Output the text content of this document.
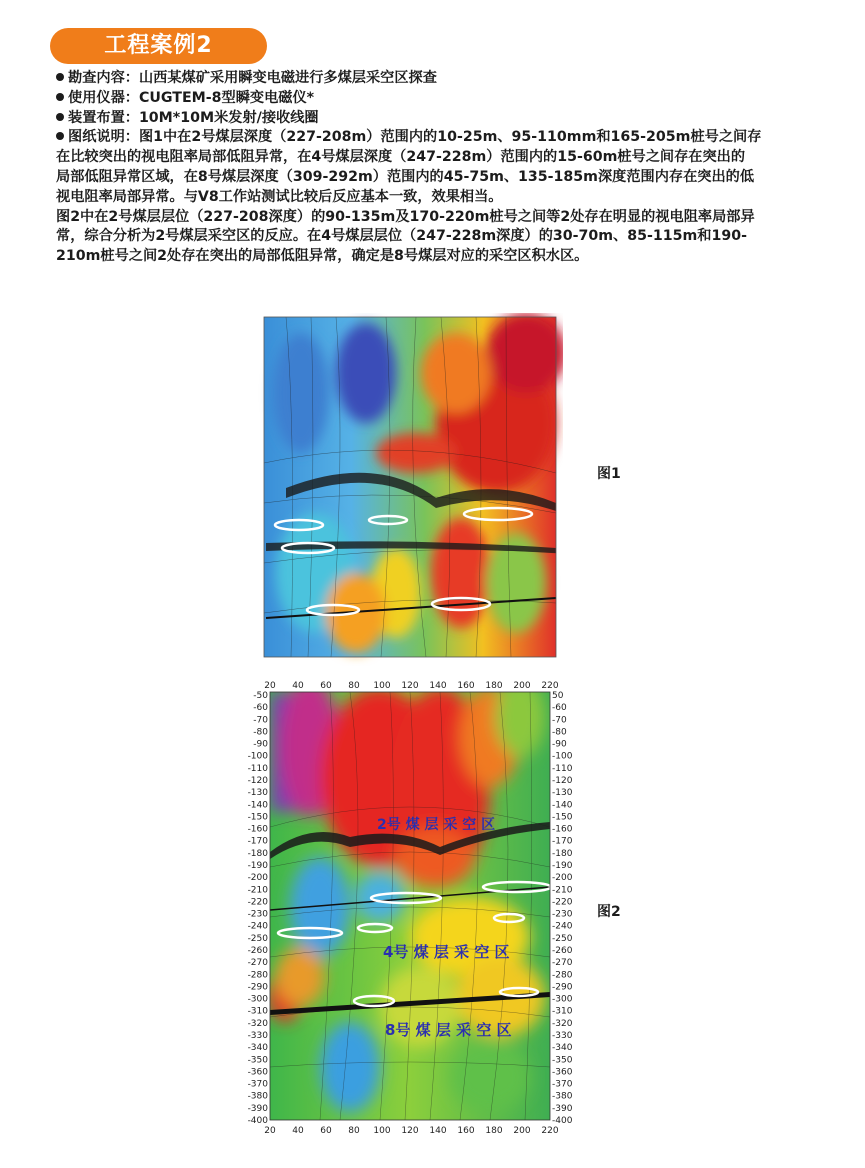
工程案例2
勘查内容：山西某煤矿采用瞬变电磁进行多煤层采空区探查
使用仪器：CUGTEM-8型瞬变电磁仪*
装置布置：10M*10M米发射/接收线圈
图纸说明：图1中在2号煤层深度（227-208m）范围内的10-25m、95-110mm和165-205m桩号之间存
在比较突出的视电阻率局部低阻异常，在4号煤层深度（247-228m）范围内的15-60m桩号之间存在突出的
局部低阻异常区域，在8号煤层深度（309-292m）范围内的45-75m、135-185m深度范围内存在突出的低
视电阻率局部异常。与V8工作站测试比较后反应基本一致，效果相当。
图2中在2号煤层层位（227-208深度）的90-135m及170-220m桩号之间等2处存在明显的视电阻率局部异
常，综合分析为2号煤层采空区的反应。在4号煤层层位（247-228m深度）的30-70m、85-115m和190-
210m桩号之间2处存在突出的局部低阻异常，确定是8号煤层对应的采空区积水区。
图1
2号 煤 层 采 空 区
4号 煤 层 采 空 区
8号 煤 层 采 空 区
20 40 60 80 100 120 140 160 180 200 220
20 40 60 80 100 120 140 160 180 200 220
-50
-60
-70
-80
-90
-100
-110
-120
-130
-140
-150
-160
-170
-180
-190
-200
-210
-220
-230
-240
-250
-260
-270
-280
-290
-300
-310
-320
-330
-340
-350
-360
-370
-380
-390
-400
50
-60
-70
-80
-90
-100
-110
-120
-130
-140
-150
-160
-170
-180
-190
-200
-210
-220
-230
-240
-250
-260
-270
-280
-290
-300
-310
-320
-330
-340
-350
-360
-370
-380
-390
-400
图2
